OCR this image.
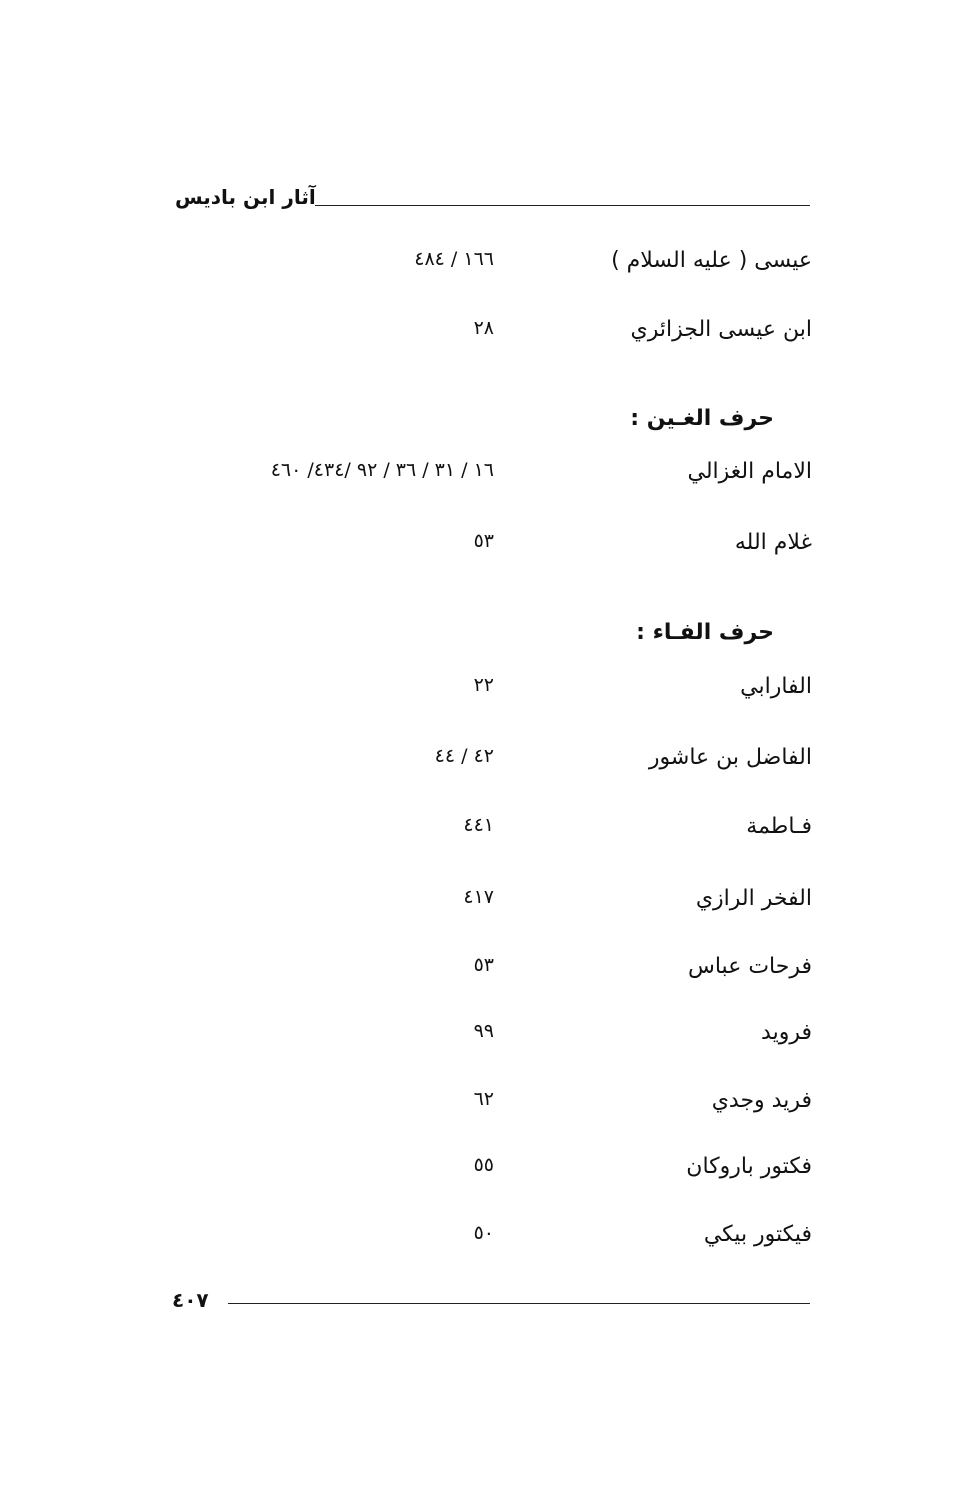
آثار ابن باديس
عيسى ( عليه السلام )
١٦٦ / ٤٨٤
ابن عيسى الجزائري
٢٨
حرف الغـين :
الامام الغزالي
١٦ / ٣١ / ٣٦ / ٩٢ /٤٣٤/ ٤٦٠
غلام الله
٥٣
حرف الفـاء :
الفارابي
٢٢
الفاضل بن عاشور
٤٢ / ٤٤
فـاطمة
٤٤١
الفخر الرازي
٤١٧
فرحات عباس
٥٣
فرويد
٩٩
فريد وجدي
٦٢
فكتور باروكان
٥٥
فيكتور بيكي
٥٠
٤٠٧
